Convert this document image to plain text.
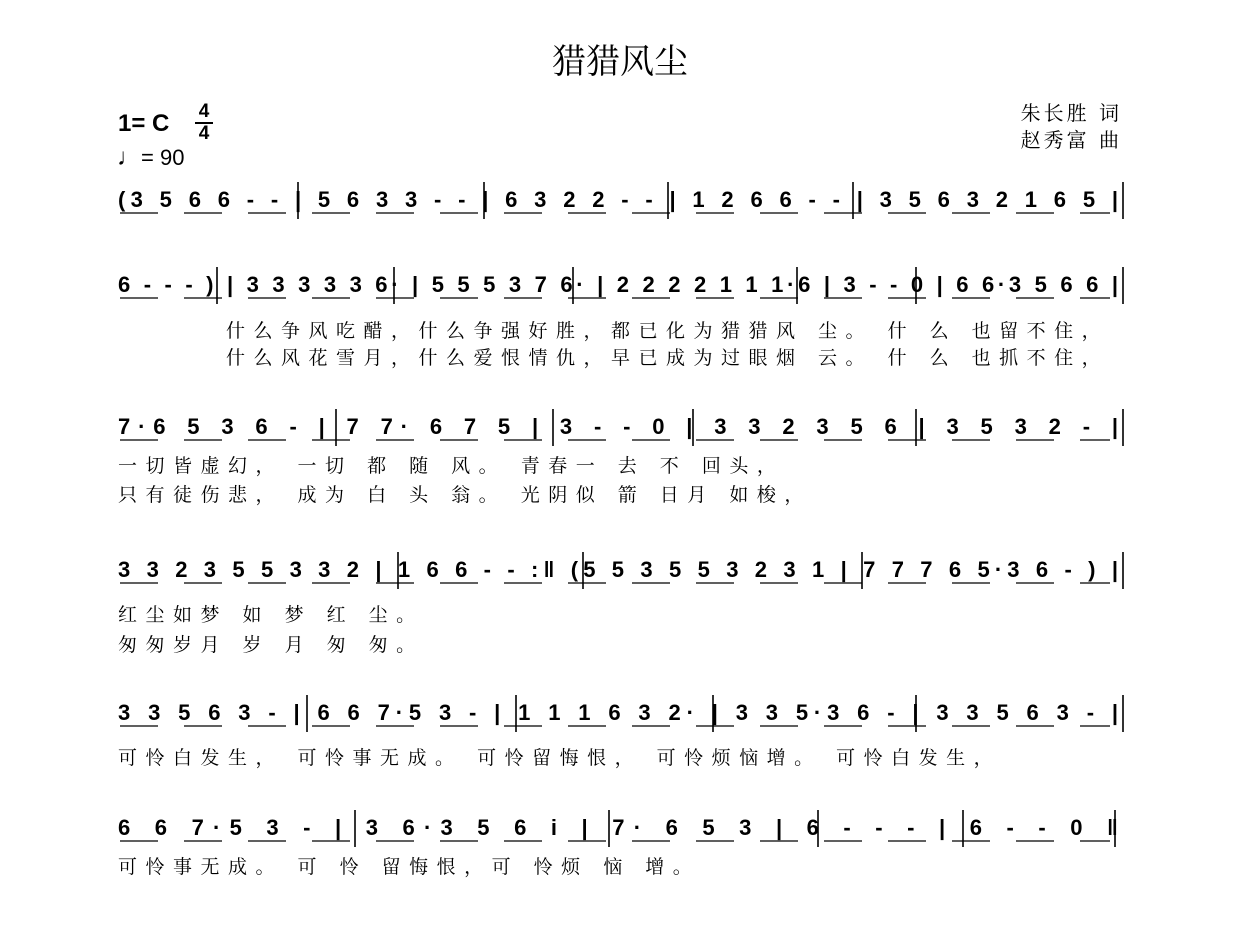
猎猎风尘
1= C 4
4
♩= 90
朱长胜 词
赵秀富 曲
(3 5 6 6 - - | 5 6 3 3 - - | 6 3 2 2 - - | 1 2 6 6 - - | 3 5 6 3 2 1 6 5 |
6 - - - ) | 3 3 3 3 3 6· | 5 5 5 3 7 6· | 2 2 2 2 1 1 1·6 | 3 - - 0 | 6 6·3 5 6 6 |
什么争风吃醋，什么争强好胜，都已化为猎猎风 尘。 什 么 也留不住，
什么风花雪月，什么爱恨情仇，早已成为过眼烟 云。 什 么 也抓不住，
7·6 5 3 6 - | 7 7· 6 7 5 | 3 - - 0 | 3 3 2 3 5 6 | 3 5 3 2 - |
一切皆虚幻， 一切 都 随 风。 青春一 去 不 回头，
只有徒伤悲， 成为 白 头 翁。 光阴似 箭 日月 如梭，
3 3 2 3 5 5 3 3 2 | 1 6 6 - - :‖ (5 5 3 5 5 3 2 3 1 | 7 7 7 6 5·3 6 - ) |
红尘如梦 如 梦 红 尘。
匆匆岁月 岁 月 匆 匆。
3 3 5 6 3 - | 6 6 7·5 3 - | 1 1 1 6 3 2· | 3 3 5·3 6 - | 3 3 5 6 3 - |
可怜白发生， 可怜事无成。 可怜留悔恨， 可怜烦恼增。 可怜白发生，
6 6 7·5 3 - | 3 6·3 5 6 i | 7· 6 5 3 | 6 - - - | 6 - - 0 ‖
可怜事无成。 可 怜 留悔恨，可 怜烦 恼 增。
